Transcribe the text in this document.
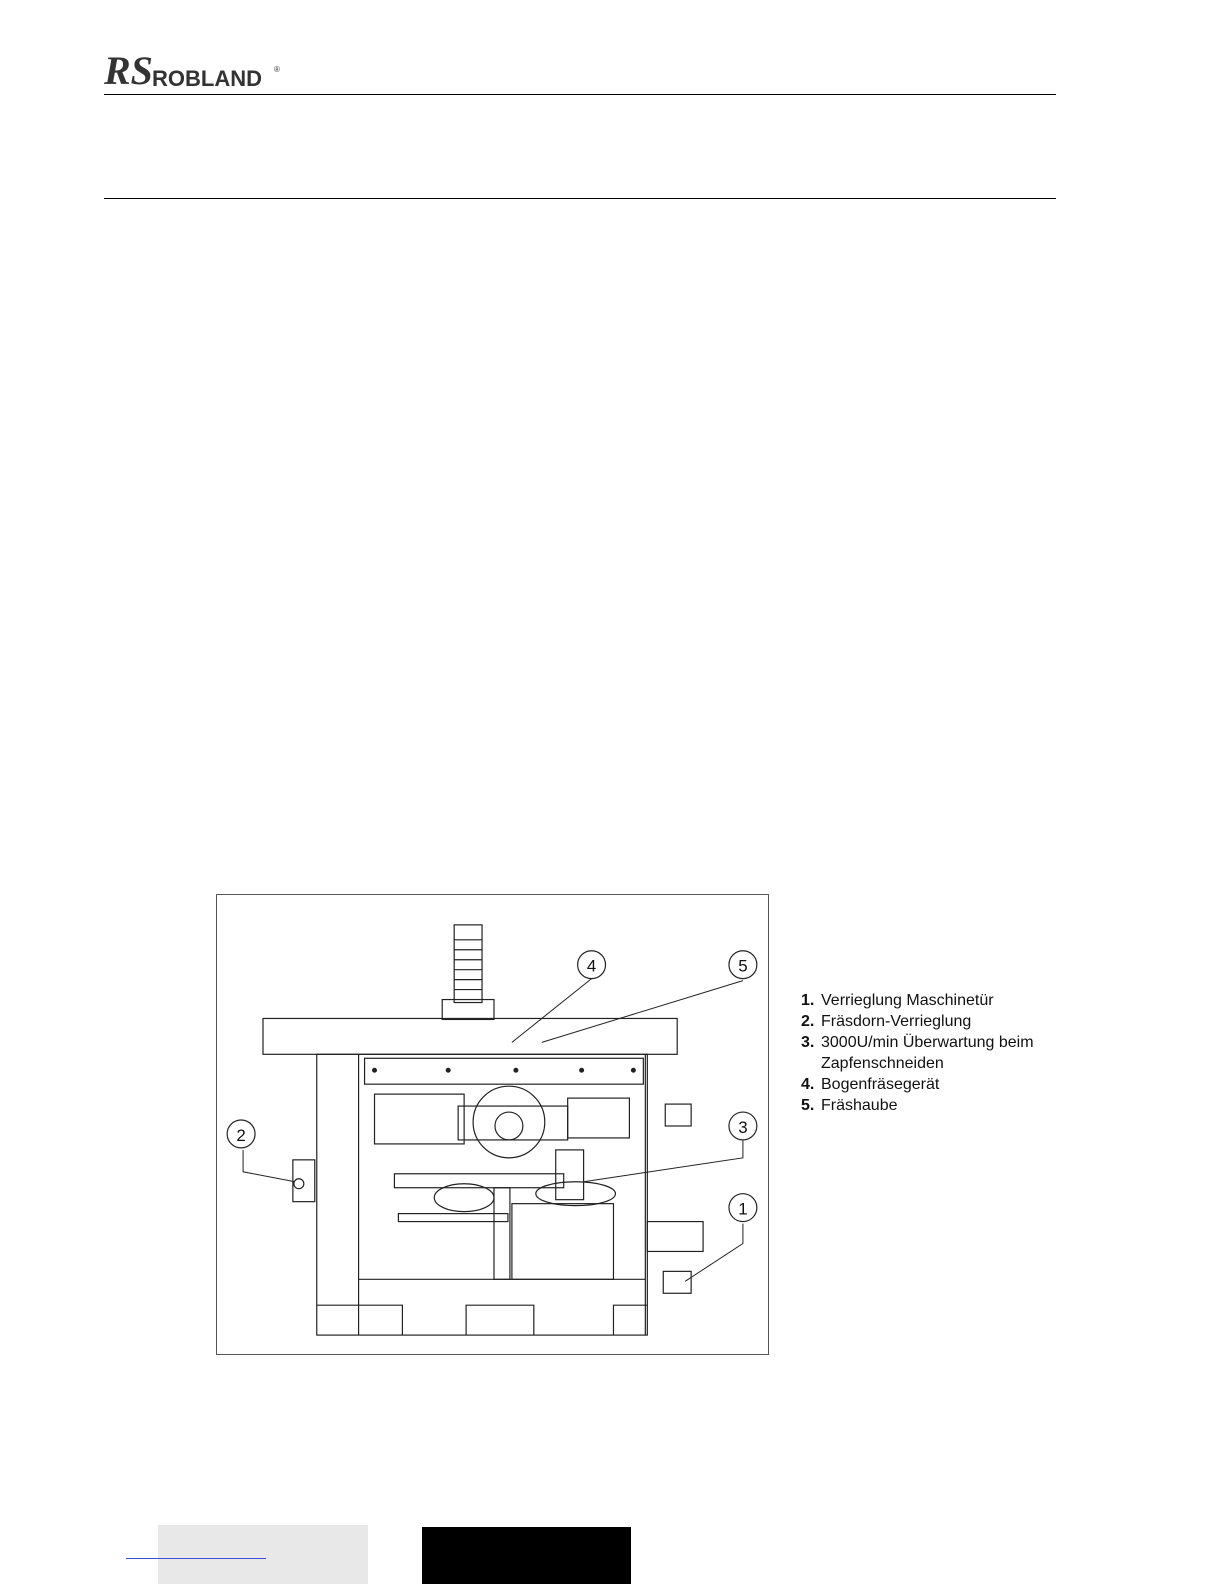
RS ROBLAND ®
4	5
2	3
1
1. Verrieglung Maschinetür
2. Fräsdorn-Verrieglung
3. 3000U/min Überwartung beim
Zapfenschneiden
4. Bogenfräsegerät
5. Fräshaube
